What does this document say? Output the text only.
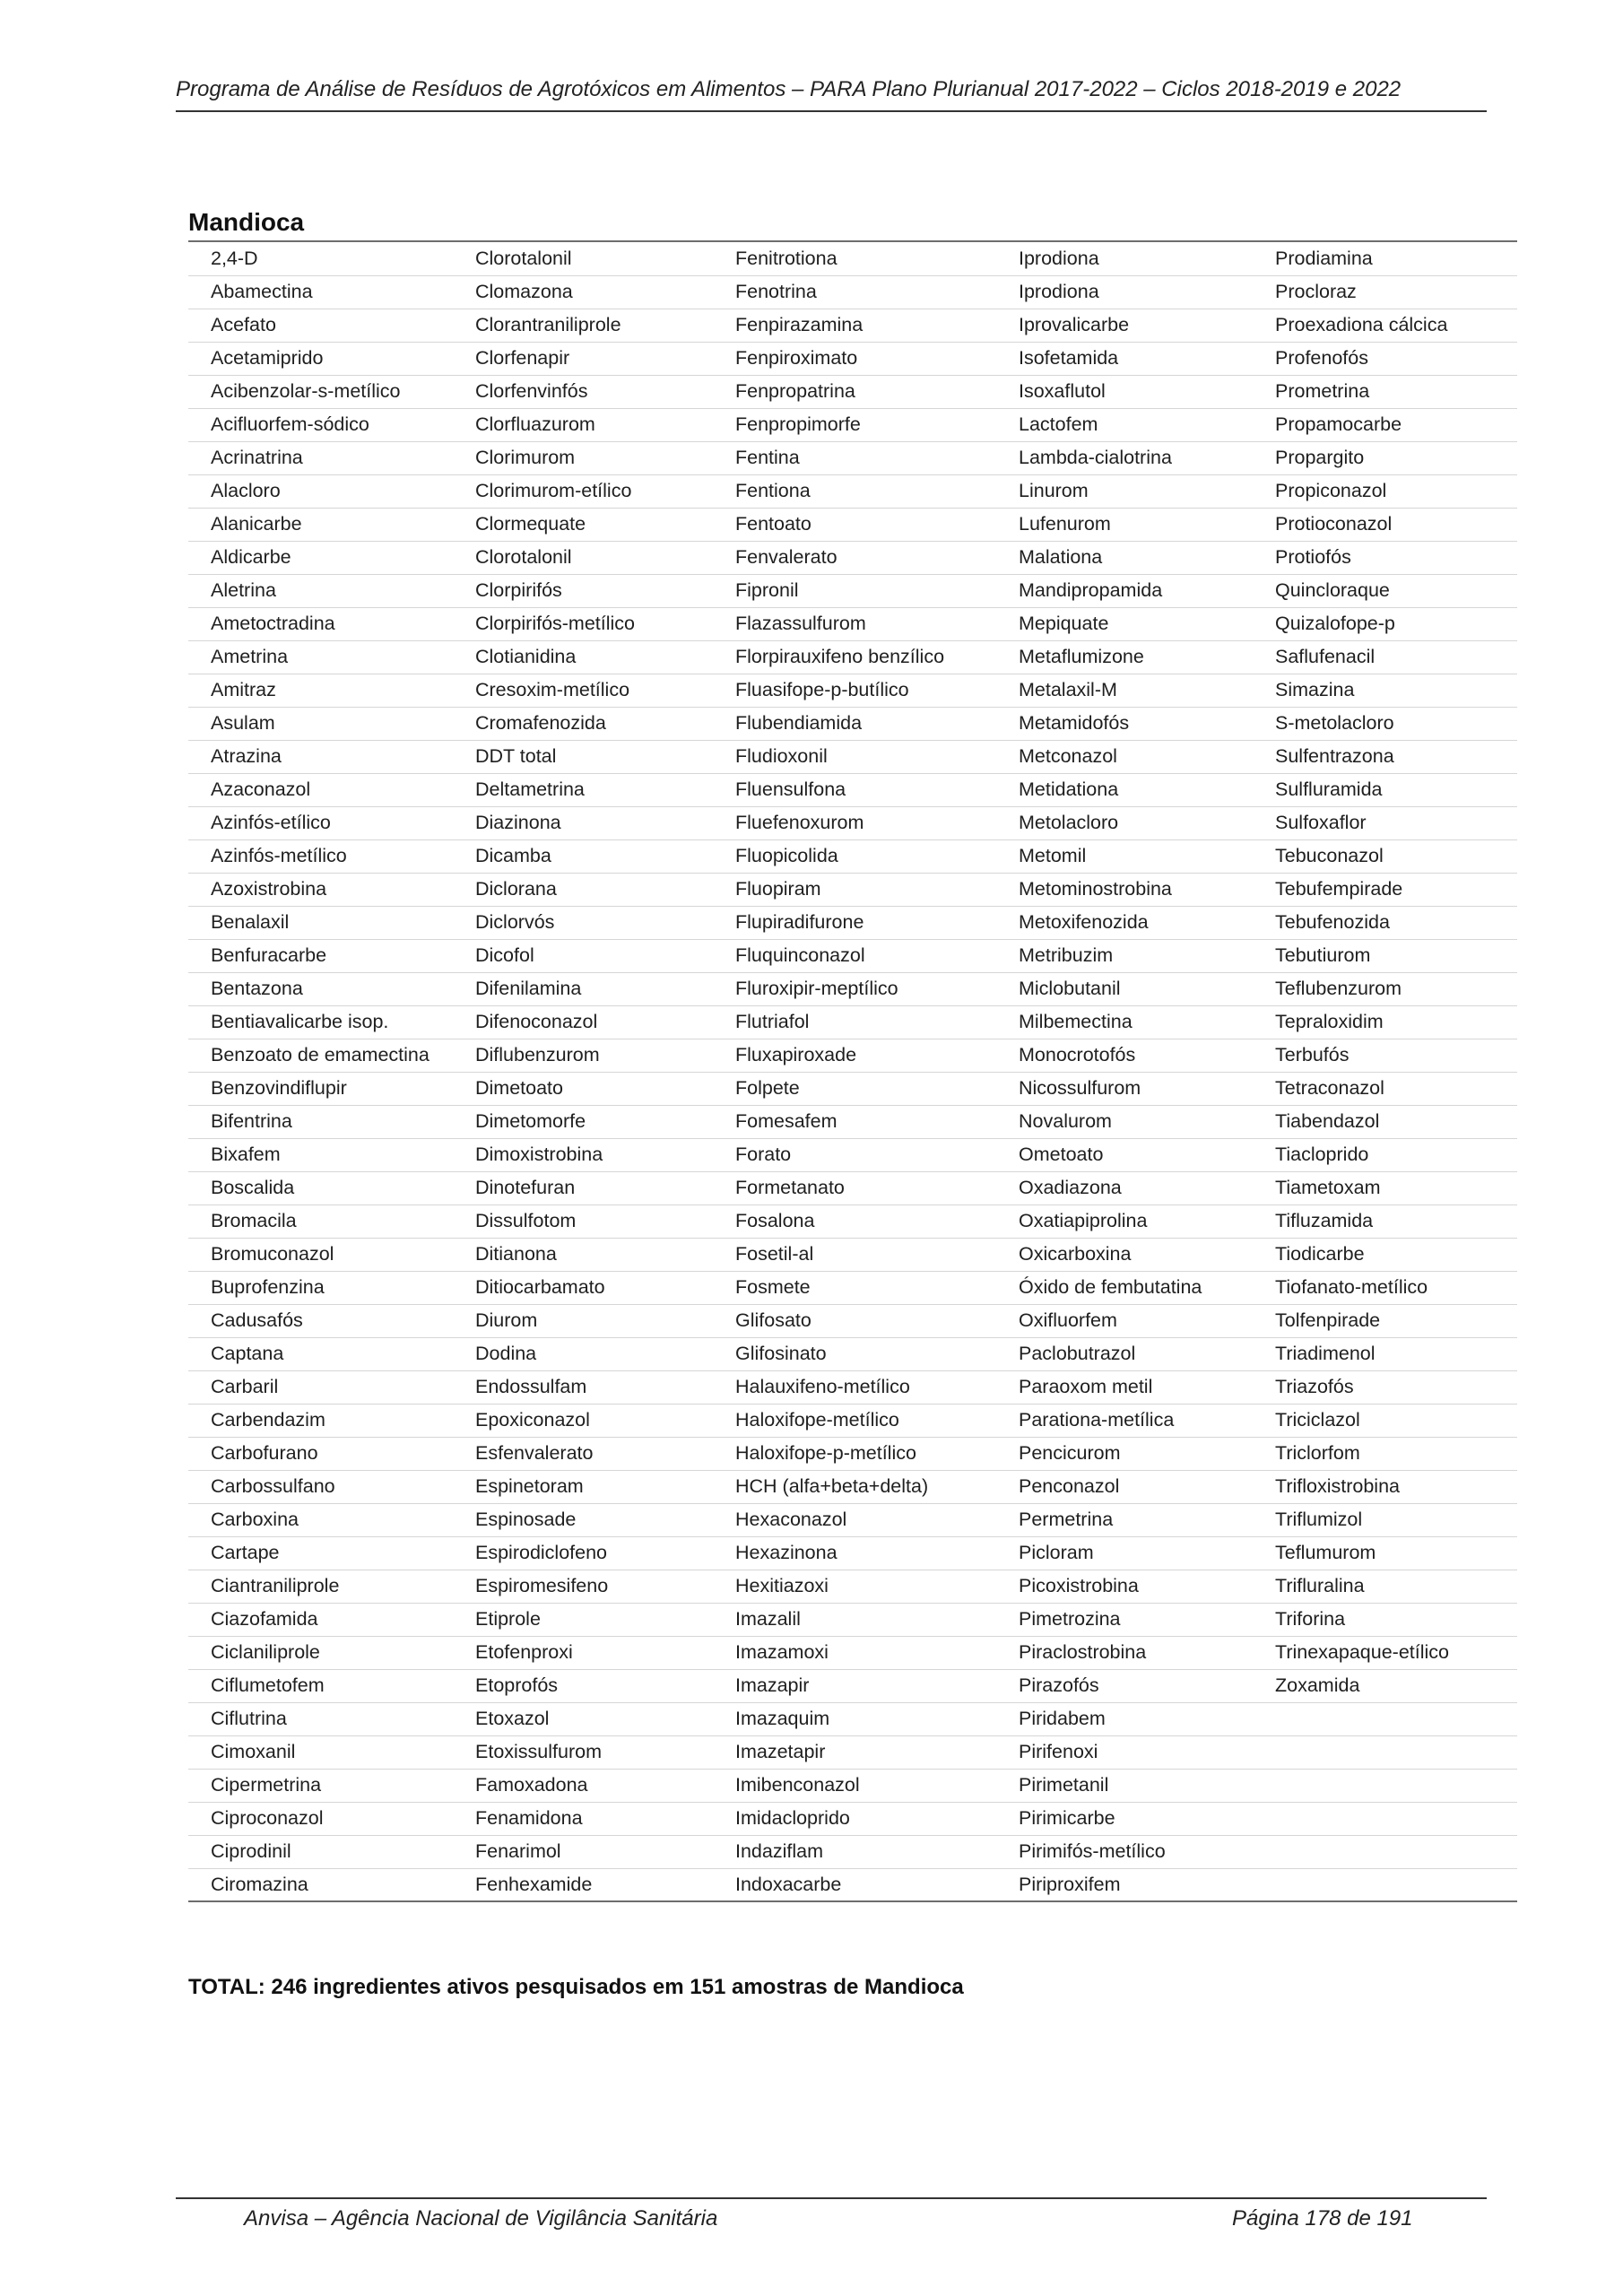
Programa de Análise de Resíduos de Agrotóxicos em Alimentos – PARA Plano Plurianual 2017-2022 – Ciclos 2018-2019 e 2022
Mandioca
2,4-D	Clorotalonil	Fenitrotiona	Iprodiona	Prodiamina
Abamectina	Clomazona	Fenotrina	Iprodiona	Procloraz
Acefato	Clorantraniliprole	Fenpirazamina	Iprovalicarbe	Proexadiona cálcica
Acetamiprido	Clorfenapir	Fenpiroximato	Isofetamida	Profenofós
Acibenzolar-s-metílico	Clorfenvinfós	Fenpropatrina	Isoxaflutol	Prometrina
Acifluorfem-sódico	Clorfluazurom	Fenpropimorfe	Lactofem	Propamocarbe
Acrinatrina	Clorimurom	Fentina	Lambda-cialotrina	Propargito
Alacloro	Clorimurom-etílico	Fentiona	Linurom	Propiconazol
Alanicarbe	Clormequate	Fentoato	Lufenurom	Protioconazol
Aldicarbe	Clorotalonil	Fenvalerato	Malationa	Protiofós
Aletrina	Clorpirifós	Fipronil	Mandipropamida	Quincloraque
Ametoctradina	Clorpirifós-metílico	Flazassulfurom	Mepiquate	Quizalofope-p
Ametrina	Clotianidina	Florpirauxifeno benzílico	Metaflumizone	Saflufenacil
Amitraz	Cresoxim-metílico	Fluasifope-p-butílico	Metalaxil-M	Simazina
Asulam	Cromafenozida	Flubendiamida	Metamidofós	S-metolacloro
Atrazina	DDT total	Fludioxonil	Metconazol	Sulfentrazona
Azaconazol	Deltametrina	Fluensulfona	Metidationa	Sulfluramida
Azinfós-etílico	Diazinona	Fluefenoxurom	Metolacloro	Sulfoxaflor
Azinfós-metílico	Dicamba	Fluopicolida	Metomil	Tebuconazol
Azoxistrobina	Diclorana	Fluopiram	Metominostrobina	Tebufempirade
Benalaxil	Diclorvós	Flupiradifurone	Metoxifenozida	Tebufenozida
Benfuracarbe	Dicofol	Fluquinconazol	Metribuzim	Tebutiurom
Bentazona	Difenilamina	Fluroxipir-meptílico	Miclobutanil	Teflubenzurom
Bentiavalicarbe isop.	Difenoconazol	Flutriafol	Milbemectina	Tepraloxidim
Benzoato de emamectina	Diflubenzurom	Fluxapiroxade	Monocrotofós	Terbufós
Benzovindiflupir	Dimetoato	Folpete	Nicossulfurom	Tetraconazol
Bifentrina	Dimetomorfe	Fomesafem	Novalurom	Tiabendazol
Bixafem	Dimoxistrobina	Forato	Ometoato	Tiacloprido
Boscalida	Dinotefuran	Formetanato	Oxadiazona	Tiametoxam
Bromacila	Dissulfotom	Fosalona	Oxatiapiprolina	Tifluzamida
Bromuconazol	Ditianona	Fosetil-al	Oxicarboxina	Tiodicarbe
Buprofenzina	Ditiocarbamato	Fosmete	Óxido de fembutatina	Tiofanato-metílico
Cadusafós	Diurom	Glifosato	Oxifluorfem	Tolfenpirade
Captana	Dodina	Glifosinato	Paclobutrazol	Triadimenol
Carbaril	Endossulfam	Halauxifeno-metílico	Paraoxom metil	Triazofós
Carbendazim	Epoxiconazol	Haloxifope-metílico	Parationa-metílica	Triciclazol
Carbofurano	Esfenvalerato	Haloxifope-p-metílico	Pencicurom	Triclorfom
Carbossulfano	Espinetoram	HCH (alfa+beta+delta)	Penconazol	Trifloxistrobina
Carboxina	Espinosade	Hexaconazol	Permetrina	Triflumizol
Cartape	Espirodiclofeno	Hexazinona	Picloram	Teflumurom
Ciantraniliprole	Espiromesifeno	Hexitiazoxi	Picoxistrobina	Trifluralina
Ciazofamida	Etiprole	Imazalil	Pimetrozina	Triforina
Ciclaniliprole	Etofenproxi	Imazamoxi	Piraclostrobina	Trinexapaque-etílico
Ciflumetofem	Etoprofós	Imazapir	Pirazofós	Zoxamida
Ciflutrina	Etoxazol	Imazaquim	Piridabem	
Cimoxanil	Etoxissulfurom	Imazetapir	Pirifenoxi	
Cipermetrina	Famoxadona	Imibenconazol	Pirimetanil	
Ciproconazol	Fenamidona	Imidacloprido	Pirimicarbe	
Ciprodinil	Fenarimol	Indaziflam	Pirimifós-metílico	
Ciromazina	Fenhexamide	Indoxacarbe	Piriproxifem	
TOTAL: 246 ingredientes ativos pesquisados em 151 amostras de Mandioca
Anvisa – Agência Nacional de Vigilância Sanitária	Página 178 de 191
